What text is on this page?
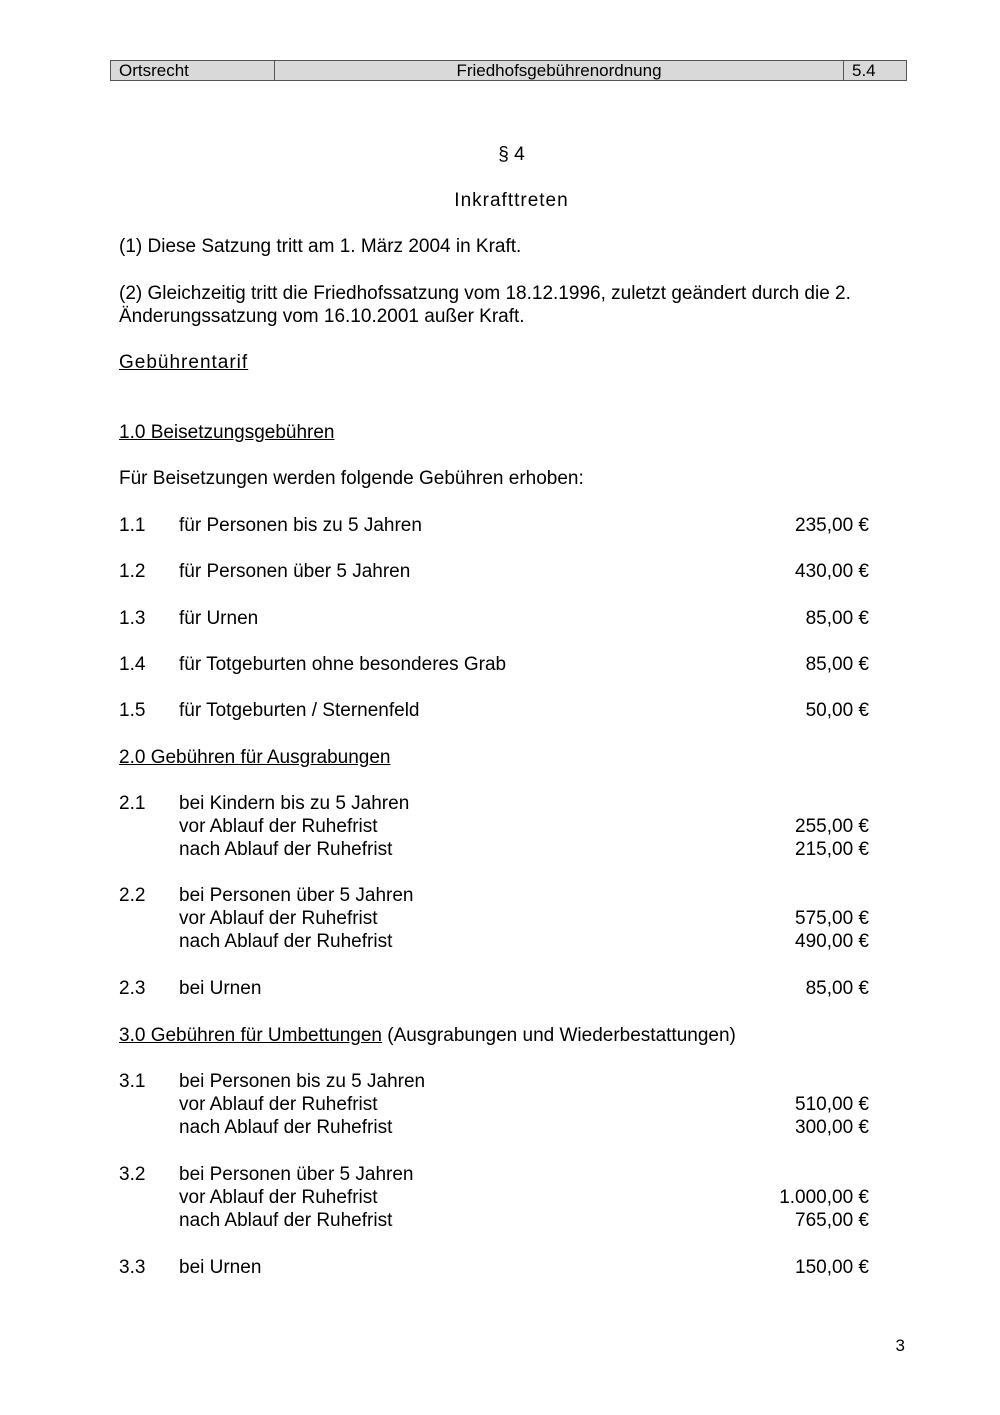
Ortsrecht	Friedhofsgebührenordnung	5.4
§ 4
Inkrafttreten
(1) Diese Satzung tritt am 1. März 2004 in Kraft.
(2) Gleichzeitig tritt die Friedhofssatzung vom 18.12.1996, zuletzt geändert durch die 2. Änderungssatzung vom 16.10.2001 außer Kraft.
Gebührentarif
1.0 Beisetzungsgebühren
Für Beisetzungen werden folgende Gebühren erhoben:
1.1 für Personen bis zu 5 Jahren	235,00 €
1.2 für Personen über 5 Jahren	430,00 €
1.3 für Urnen	85,00 €
1.4 für Totgeburten ohne besonderes Grab	85,00 €
1.5 für Totgeburten / Sternenfeld	50,00 €
2.0 Gebühren für Ausgrabungen
2.1 bei Kindern bis zu 5 Jahren
vor Ablauf der Ruhefrist	255,00 €
nach Ablauf der Ruhefrist	215,00 €
2.2 bei Personen über 5 Jahren
vor Ablauf der Ruhefrist	575,00 €
nach Ablauf der Ruhefrist	490,00 €
2.3 bei Urnen	85,00 €
3.0 Gebühren für Umbettungen (Ausgrabungen und Wiederbestattungen)
3.1 bei Personen bis zu 5 Jahren
vor Ablauf der Ruhefrist	510,00 €
nach Ablauf der Ruhefrist	300,00 €
3.2 bei Personen über 5 Jahren
vor Ablauf der Ruhefrist	1.000,00 €
nach Ablauf der Ruhefrist	765,00 €
3.3 bei Urnen	150,00 €
3
